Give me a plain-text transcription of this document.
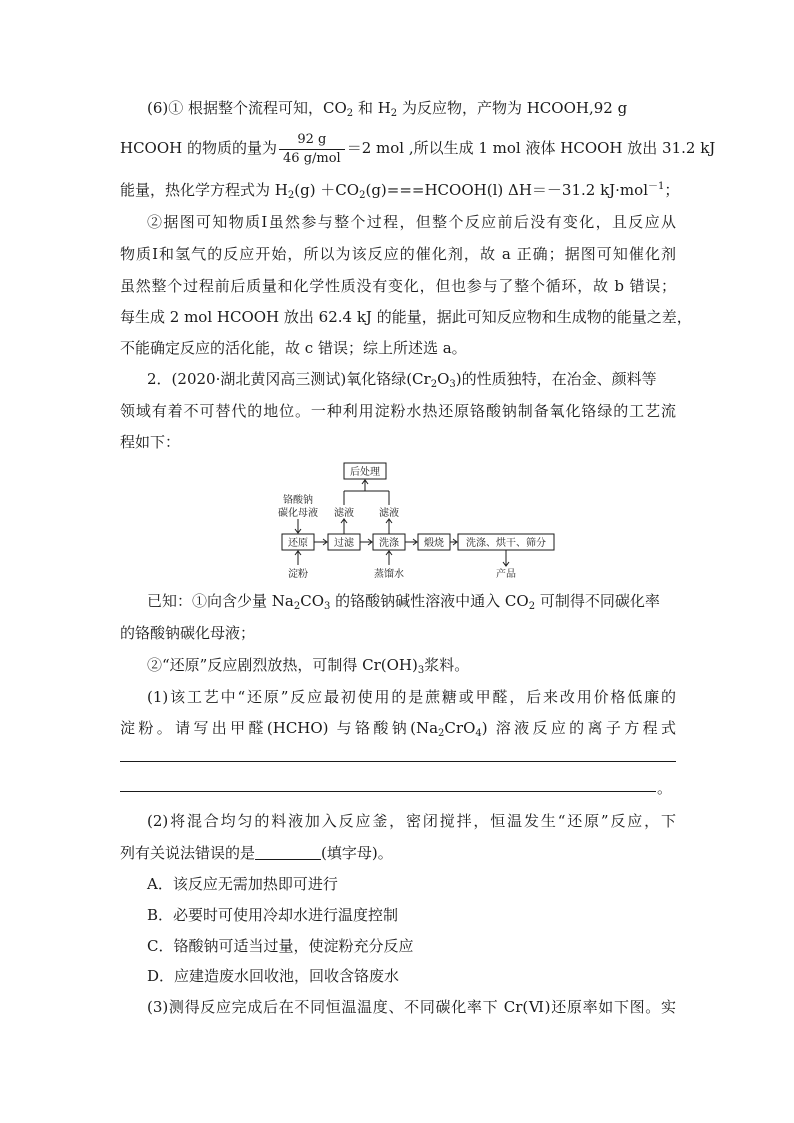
(6)① 根据整个流程可知，$CO_2$ 和 $H_2$ 为反应物，产物为 HCOOH,92 g
HCOOH 的物质的量为 $\frac{92 g}{\text{46 g/mol}} =2$ mol ,所以生成 1 mol 液体 HCOOH 放出 31.2 kJ
能量，热化学方程式为 $H_2(g)$ $+CO_2(g)===HCOOH(l)$ ΔH＝－31.2 kJ·mol$^{-1}$；
②据图可知物质Ⅰ虽然参与整个过程，但整个反应前后没有变化，且反应从
物质Ⅰ和氢气的反应开始，所以为该反应的催化剂，故 a 正确；据图可知催化剂
虽然整个过程前后质量和化学性质没有变化，但也参与了整个循环，故 b 错误；
每生成 2 mol HCOOH 放出 62.4 kJ 的能量，据此可知反应物和生成物的能量之差，
不能确定反应的活化能，故 c 错误；综上所述选 a。
2．(2020·湖北黄冈高三测试)氧化铬绿$(Cr_2O_3)$的性质独特，在冶金、颜料等
领域有着不可替代的地位。一种利用淀粉水热还原铬酸钠制备氧化铬绿的工艺流
程如下：
后处理
还原	过滤	洗涤	煅烧 洗涤、烘干、筛分
铬酸钠
碳化母液
淀粉
滤液	滤液
蒸馏水	产品
已知：①向含少量 $Na_2CO_3$ 的铬酸钠碱性溶液中通入 $CO_2$ 可制得不同碳化率
的铬酸钠碳化母液；
②“还原”反应剧烈放热，可制得 $Cr(OH)_3$浆料。
(1)该工艺中“还原”反应最初使用的是蔗糖或甲醛，后来改用价格低廉的
淀粉。请写出甲醛(HCHO) 与铬酸钠$(Na_2CrO_4)$ 溶液反应的离子方程式
。
(2)将混合均匀的料液加入反应釜，密闭搅拌，恒温发生“还原”反应，下
列有关说法错误的是	(填字母)。
A．该反应无需加热即可进行
B．必要时可使用冷却水进行温度控制
C．铬酸钠可适当过量，使淀粉充分反应
D．应建造废水回收池，回收含铬废水
(3)测得反应完成后在不同恒温温度、不同碳化率下 Cr(Ⅵ)还原率如下图。实
